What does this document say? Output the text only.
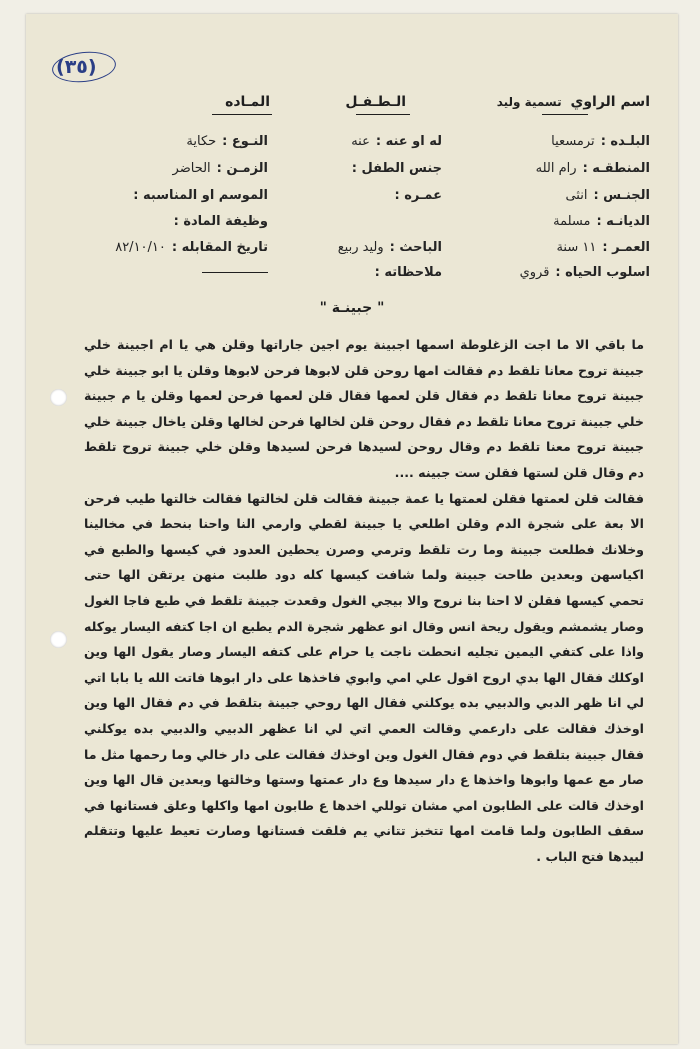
(٣٥)
اسم الراوي تسمية وليد
الـطـفـل
المـاده
البلـده :ترمسعيا
المنطقـه :رام الله
الجنـس :انثى
الديانـه :مسلمة
العمـر :١١ سنة
اسلوب الحياه :قروي
له او عنه :عنه
جنس الطفل :
عمـره :
الباحث :وليد ربيع
ملاحظاته :
النـوع :حكاية
الزمـن :الحاضر
الموسم او المناسبه :
وظيفة المادة :
تاريخ المقابله :٨٢/١٠/١٠
" جبينـة "

ما باقي الا ما اجت الزغلوطة اسمها اجبينة يوم اجين جاراتها وقلن هي يا ام اجبينة خلي جبينة تروح معانا تلقط دم فقالت امها روحن قلن لابوها فرحن لابوها وقلن يا ابو جبينة خلي جبينة تروح معانا تلقط دم فقال قلن لعمها فقال قلن لعمها فرحن لعمها وقلن يا م جبينة خلي جبينة تروح معانا تلقط دم فقال روحن قلن لخالها فرحن لخالها وقلن ياخال جبينة خلي جبينة تروح معنا تلقط دم وقال روحن لسيدها فرحن لسيدها وقلن خلي جبينة تروح تلقط دم وقال قلن لستها فقلن ست جبينه ....

فقالت قلن لعمتها فقلن لعمتها يا عمة جبينة فقالت قلن لخالتها فقالت خالتها طيب فرحن الا بعة على شجرة الدم وقلن اطلعي يا جبينة لقطي وارمي النا واحنا بنحط في مخالينا وخلانك فطلعت جبينة وما رت تلقط وترمي وصرن يحطين العدود في كيسها والطبع في اكياسهن وبعدين طاحت جبينة ولما شافت كيسها كله دود طلبت منهن يرتقن الها حتى تحمي كيسها فقلن لا احنا بنا نروح والا بيجي الغول وقعدت جبينة تلقط في طبع فاجا الغول وصار يشمشم ويقول ريحة انس وقال انو عظهر شجرة الدم يطبع ان اجا كتفه اليسار يوكله واذا على كتفي اليمين تجليه انحطت ناجت يا حرام على كتفه اليسار وصار يقول الها وين اوكلك فقال الها بدي اروح اقول علي امي وابوي فاخذها على دار ابوها فاتت الله يا بابا اتي لي انا ظهر الدبي والدبيي بده يوكلني فقال الها روحي جبينة بتلقط في دم فقال الها وين اوخذك فقالت على دارعمي وقالت العمي اتي لي انا عظهر الدبيي والدبيي بده يوكلني فقال جبينة بتلقط في دوم فقال الغول وين اوخذك فقالت على دار خالي وما رحمها مثل ما صار مع عمها وابوها واخذها ع دار سيدها وع دار عمتها وستها وخالتها وبعدين قال الها وين اوخذك قالت على الطابون امي مشان توللي اخدها ع طابون امها واكلها وعلق فستانها في سقف الطابون ولما قامت امها تتخبز تتاني يم فلقت فستانها وصارت تعيط عليها وتتقلم لبيدها فتح الباب .
